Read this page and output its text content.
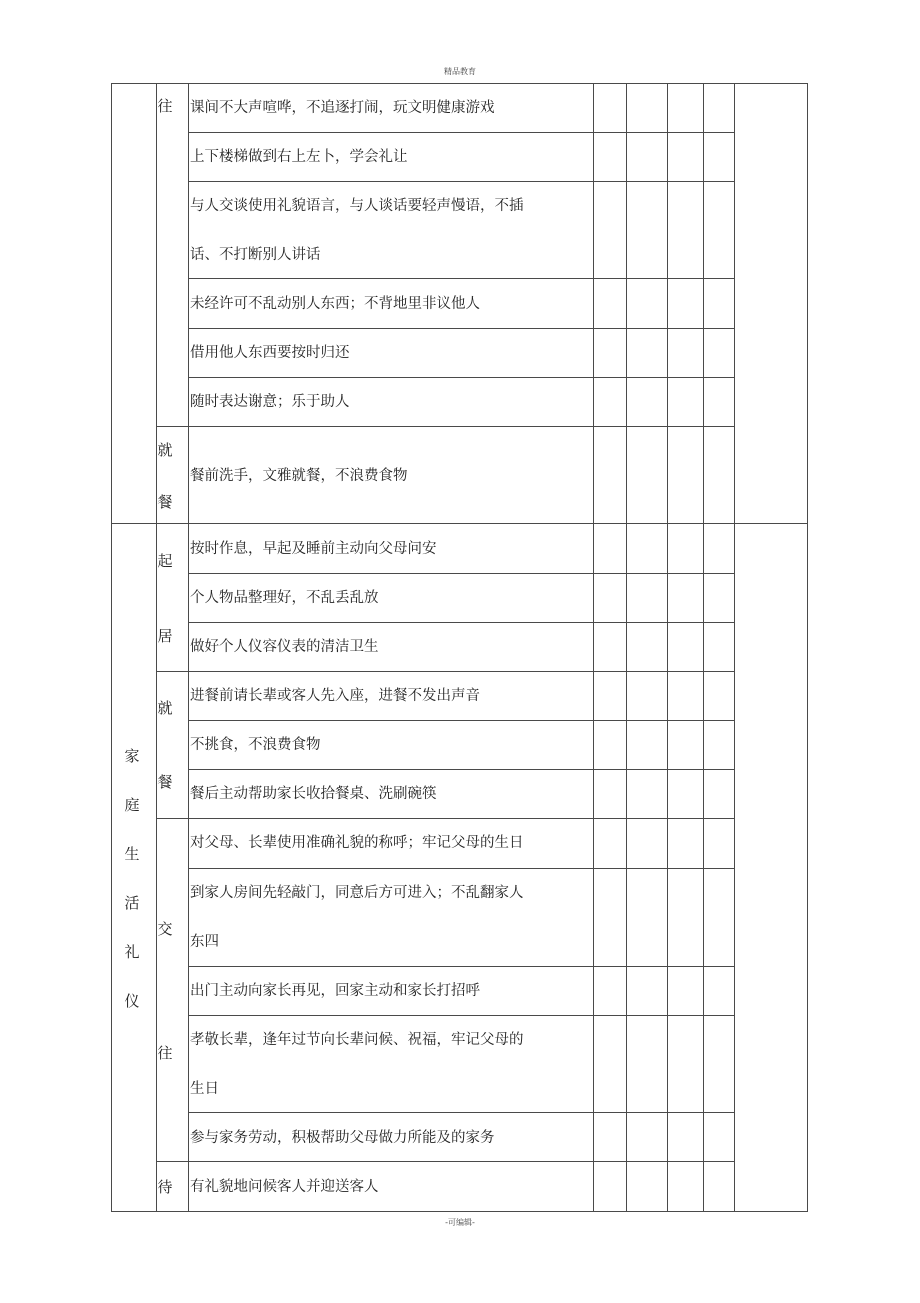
精品教育
往
就
餐
课间不大声喧哗，不追逐打闹，玩文明健康游戏
上下楼梯做到右上左卜，学会礼让
与人交谈使用礼貌语言，与人谈话要轻声慢语，不插
话、不打断别人讲话
未经许可不乱动别人东西；不背地里非议他人
借用他人东西要按时归还
随时表达谢意；乐于助人
餐前洗手，文雅就餐，不浪费食物
家
庭
生
活
礼
仪
起
居
就
餐
交
往
待
按时作息，早起及睡前主动向父母问安
个人物品整理好，不乱丢乱放
做好个人仪容仪表的清洁卫生
进餐前请长辈或客人先入座，进餐不发出声音
不挑食，不浪费食物
餐后主动帮助家长收拾餐桌、洗刷碗筷
对父母、长辈使用准确礼貌的称呼；牢记父母的生日
到家人房间先轻敲门，同意后方可进入；不乱翻家人
东四
出门主动向家长再见，回家主动和家长打招呼
孝敬长辈，逢年过节向长辈问候、祝福，牢记父母的
生日
参与家务劳动，积极帮助父母做力所能及的家务
有礼貌地问候客人并迎送客人
-可编辑-
